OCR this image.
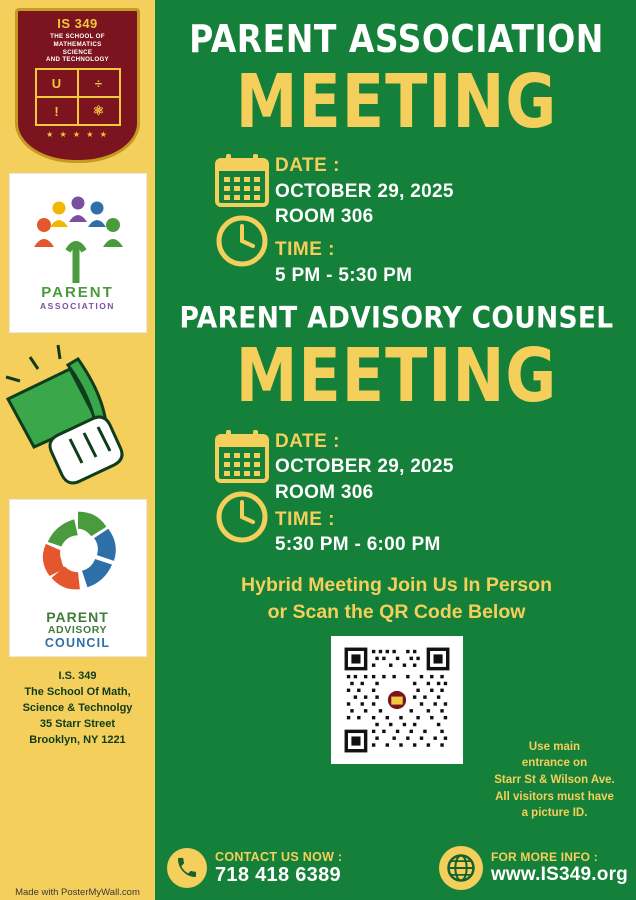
IS 349
THE SCHOOL OF
MATHEMATICS
SCIENCE
AND TECHNOLOGY
U	÷
!	⚛
★ ★ ★ ★ ★
PARENT
ASSOCIATION
PARENT
ADVISORY
COUNCIL
I.S. 349
The School Of Math,
Science & Technolgy
35 Starr Street
Brooklyn, NY 1221
Made with PosterMyWall.com
PARENT ASSOCIATION
MEETING
DATE :
OCTOBER 29, 2025
ROOM 306
TIME :
5 PM - 5:30 PM
PARENT ADVISORY COUNSEL
MEETING
DATE :
OCTOBER 29, 2025
ROOM 306
TIME :
5:30 PM - 6:00 PM
Hybrid Meeting Join Us In Person
or Scan the QR Code Below
Use main
entrance on
Starr St & Wilson Ave.
All visitors must have
a picture ID.
CONTACT US NOW :
718 418 6389
FOR MORE INFO :
www.IS349.org
